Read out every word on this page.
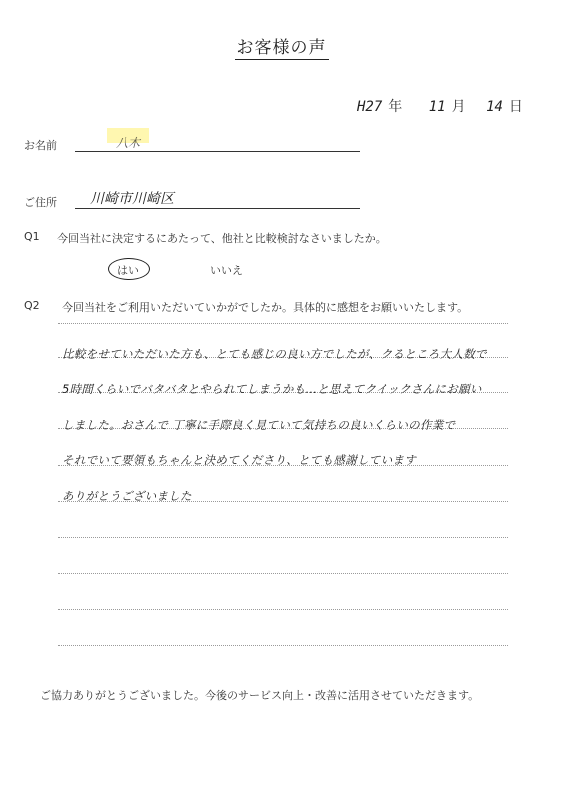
お客様の声
H27 年 11 月 14 日
お名前	八木
ご住所 川崎市川崎区
Q1 今回当社に決定するにあたって、他社と比較検討なさいましたか。
はい	いいえ
Q2 今回当社をご利用いただいていかがでしたか。具体的に感想をお願いいたします。
比較をせていただいた方も、とても感じの良い方でしたが、クるところ大人数で
5時間くらいでバタバタとやられてしまうかも…と思えてクイックさんにお願い
しました。おさんで 丁寧に手際良く見ていて気持ちの良いくらいの作業で
それでいて要領もちゃんと決めてくださり、とても感謝しています
ありがとうございました
ご協力ありがとうございました。今後のサービス向上・改善に活用させていただきます。
